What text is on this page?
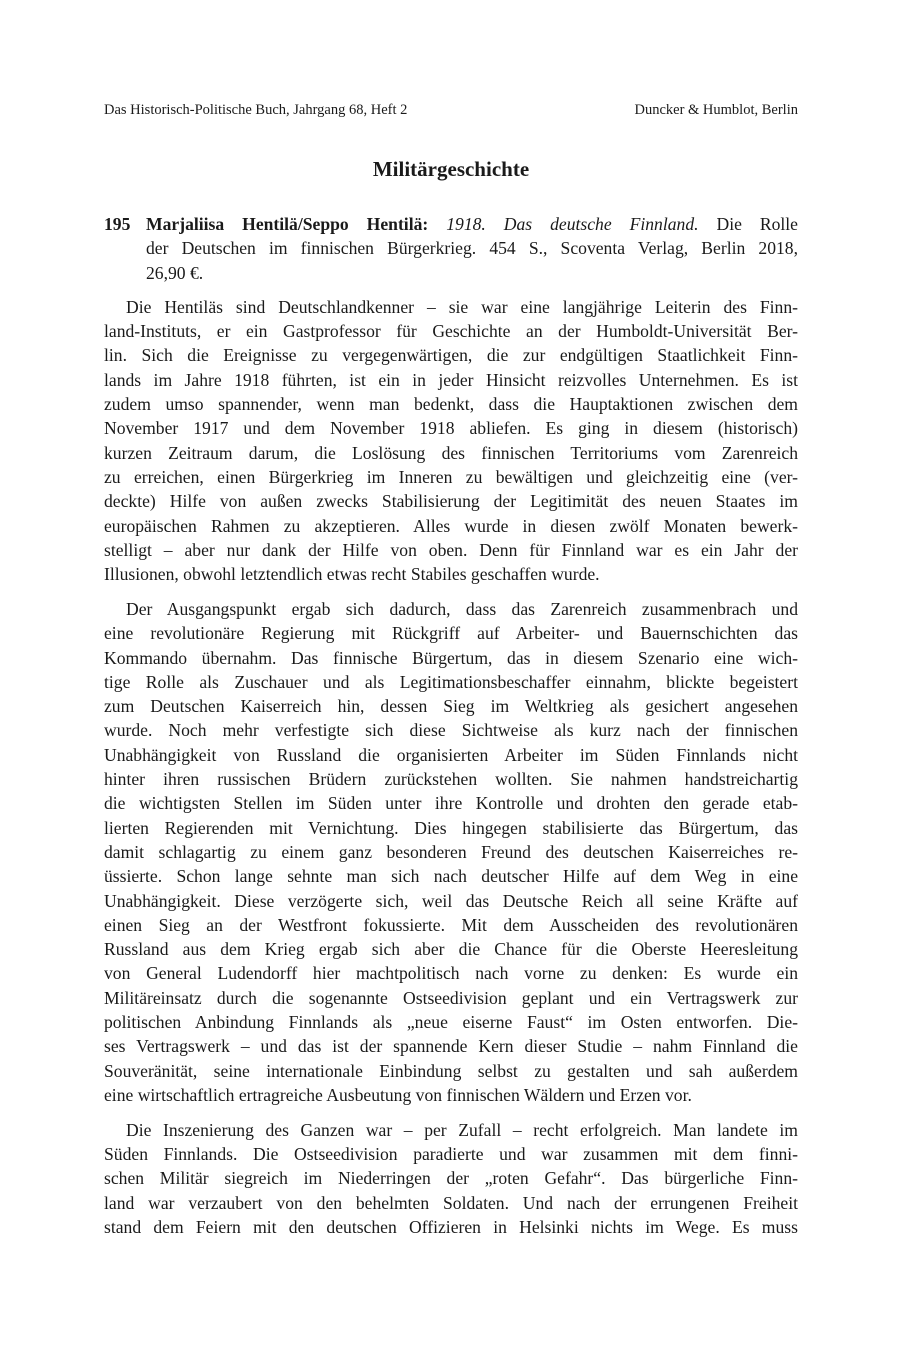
Das Historisch-Politische Buch, Jahrgang 68, Heft 2	Duncker & Humblot, Berlin
Militärgeschichte
195 Marjaliisa Hentilä/Seppo Hentilä: 1918. Das deutsche Finnland. Die Rolle
der Deutschen im finnischen Bürgerkrieg. 454 S., Scoventa Verlag, Berlin 2018,
26,90 €.
Die Hentiläs sind Deutschlandkenner – sie war eine langjährige Leiterin des Finn-
land-Instituts, er ein Gastprofessor für Geschichte an der Humboldt-Universität Ber-
lin. Sich die Ereignisse zu vergegenwärtigen, die zur endgültigen Staatlichkeit Finn-
lands im Jahre 1918 führten, ist ein in jeder Hinsicht reizvolles Unternehmen. Es ist
zudem umso spannender, wenn man bedenkt, dass die Hauptaktionen zwischen dem
November 1917 und dem November 1918 abliefen. Es ging in diesem (historisch)
kurzen Zeitraum darum, die Loslösung des finnischen Territoriums vom Zarenreich
zu erreichen, einen Bürgerkrieg im Inneren zu bewältigen und gleichzeitig eine (ver-
deckte) Hilfe von außen zwecks Stabilisierung der Legitimität des neuen Staates im
europäischen Rahmen zu akzeptieren. Alles wurde in diesen zwölf Monaten bewerk-
stelligt – aber nur dank der Hilfe von oben. Denn für Finnland war es ein Jahr der
Illusionen, obwohl letztendlich etwas recht Stabiles geschaffen wurde.
Der Ausgangspunkt ergab sich dadurch, dass das Zarenreich zusammenbrach und
eine revolutionäre Regierung mit Rückgriff auf Arbeiter- und Bauernschichten das
Kommando übernahm. Das finnische Bürgertum, das in diesem Szenario eine wich-
tige Rolle als Zuschauer und als Legitimationsbeschaffer einnahm, blickte begeistert
zum Deutschen Kaiserreich hin, dessen Sieg im Weltkrieg als gesichert angesehen
wurde. Noch mehr verfestigte sich diese Sichtweise als kurz nach der finnischen
Unabhängigkeit von Russland die organisierten Arbeiter im Süden Finnlands nicht
hinter ihren russischen Brüdern zurückstehen wollten. Sie nahmen handstreichartig
die wichtigsten Stellen im Süden unter ihre Kontrolle und drohten den gerade etab-
lierten Regierenden mit Vernichtung. Dies hingegen stabilisierte das Bürgertum, das
damit schlagartig zu einem ganz besonderen Freund des deutschen Kaiserreiches re-
üssierte. Schon lange sehnte man sich nach deutscher Hilfe auf dem Weg in eine
Unabhängigkeit. Diese verzögerte sich, weil das Deutsche Reich all seine Kräfte auf
einen Sieg an der Westfront fokussierte. Mit dem Ausscheiden des revolutionären
Russland aus dem Krieg ergab sich aber die Chance für die Oberste Heeresleitung
von General Ludendorff hier machtpolitisch nach vorne zu denken: Es wurde ein
Militäreinsatz durch die sogenannte Ostseedivision geplant und ein Vertragswerk zur
politischen Anbindung Finnlands als „neue eiserne Faust“ im Osten entworfen. Die-
ses Vertragswerk – und das ist der spannende Kern dieser Studie – nahm Finnland die
Souveränität, seine internationale Einbindung selbst zu gestalten und sah außerdem
eine wirtschaftlich ertragreiche Ausbeutung von finnischen Wäldern und Erzen vor.
Die Inszenierung des Ganzen war – per Zufall – recht erfolgreich. Man landete im
Süden Finnlands. Die Ostseedivision paradierte und war zusammen mit dem finni-
schen Militär siegreich im Niederringen der „roten Gefahr“. Das bürgerliche Finn-
land war verzaubert von den behelmten Soldaten. Und nach der errungenen Freiheit
stand dem Feiern mit den deutschen Offizieren in Helsinki nichts im Wege. Es muss
